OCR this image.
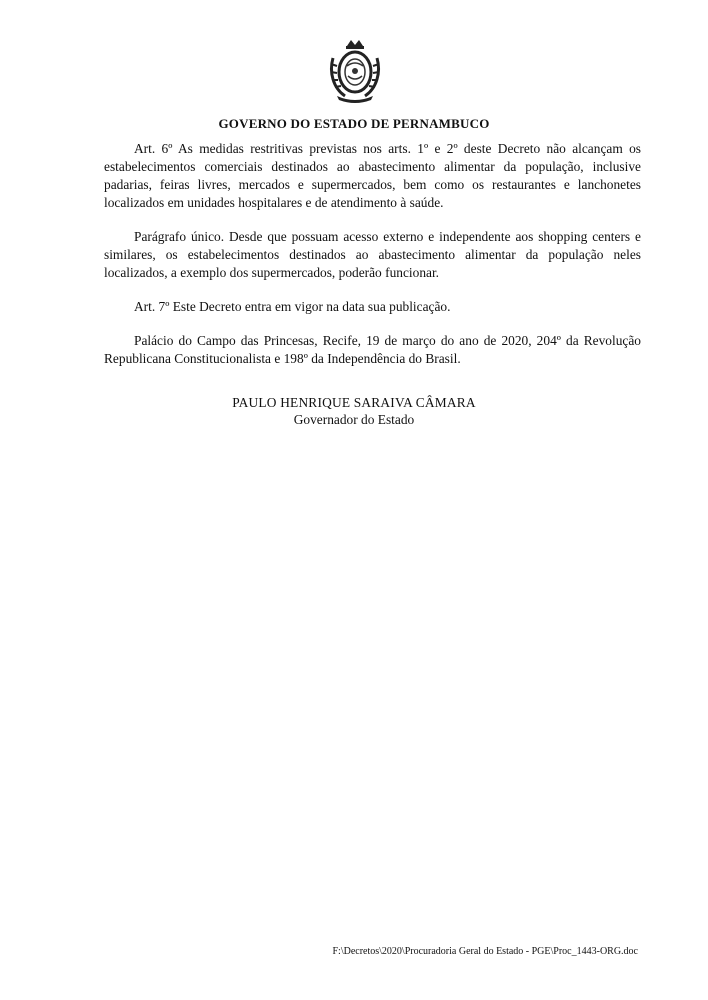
GOVERNO DO ESTADO DE PERNAMBUCO

Art. 6º As medidas restritivas previstas nos arts. 1º e 2º deste Decreto não alcançam os estabelecimentos comerciais destinados ao abastecimento alimentar da população, inclusive padarias, feiras livres, mercados e supermercados, bem como os restaurantes e lanchonetes localizados em unidades hospitalares e de atendimento à saúde.

Parágrafo único. Desde que possuam acesso externo e independente aos shopping centers e similares, os estabelecimentos destinados ao abastecimento alimentar da população neles localizados, a exemplo dos supermercados, poderão funcionar.

Art. 7º Este Decreto entra em vigor na data sua publicação.

Palácio do Campo das Princesas, Recife, 19 de março do ano de 2020, 204º da Revolução Republicana Constitucionalista e 198º da Independência do Brasil.

PAULO HENRIQUE SARAIVA CÂMARA
Governador do Estado
F:\Decretos\2020\Procuradoria Geral do Estado - PGE\Proc_1443-ORG.doc
